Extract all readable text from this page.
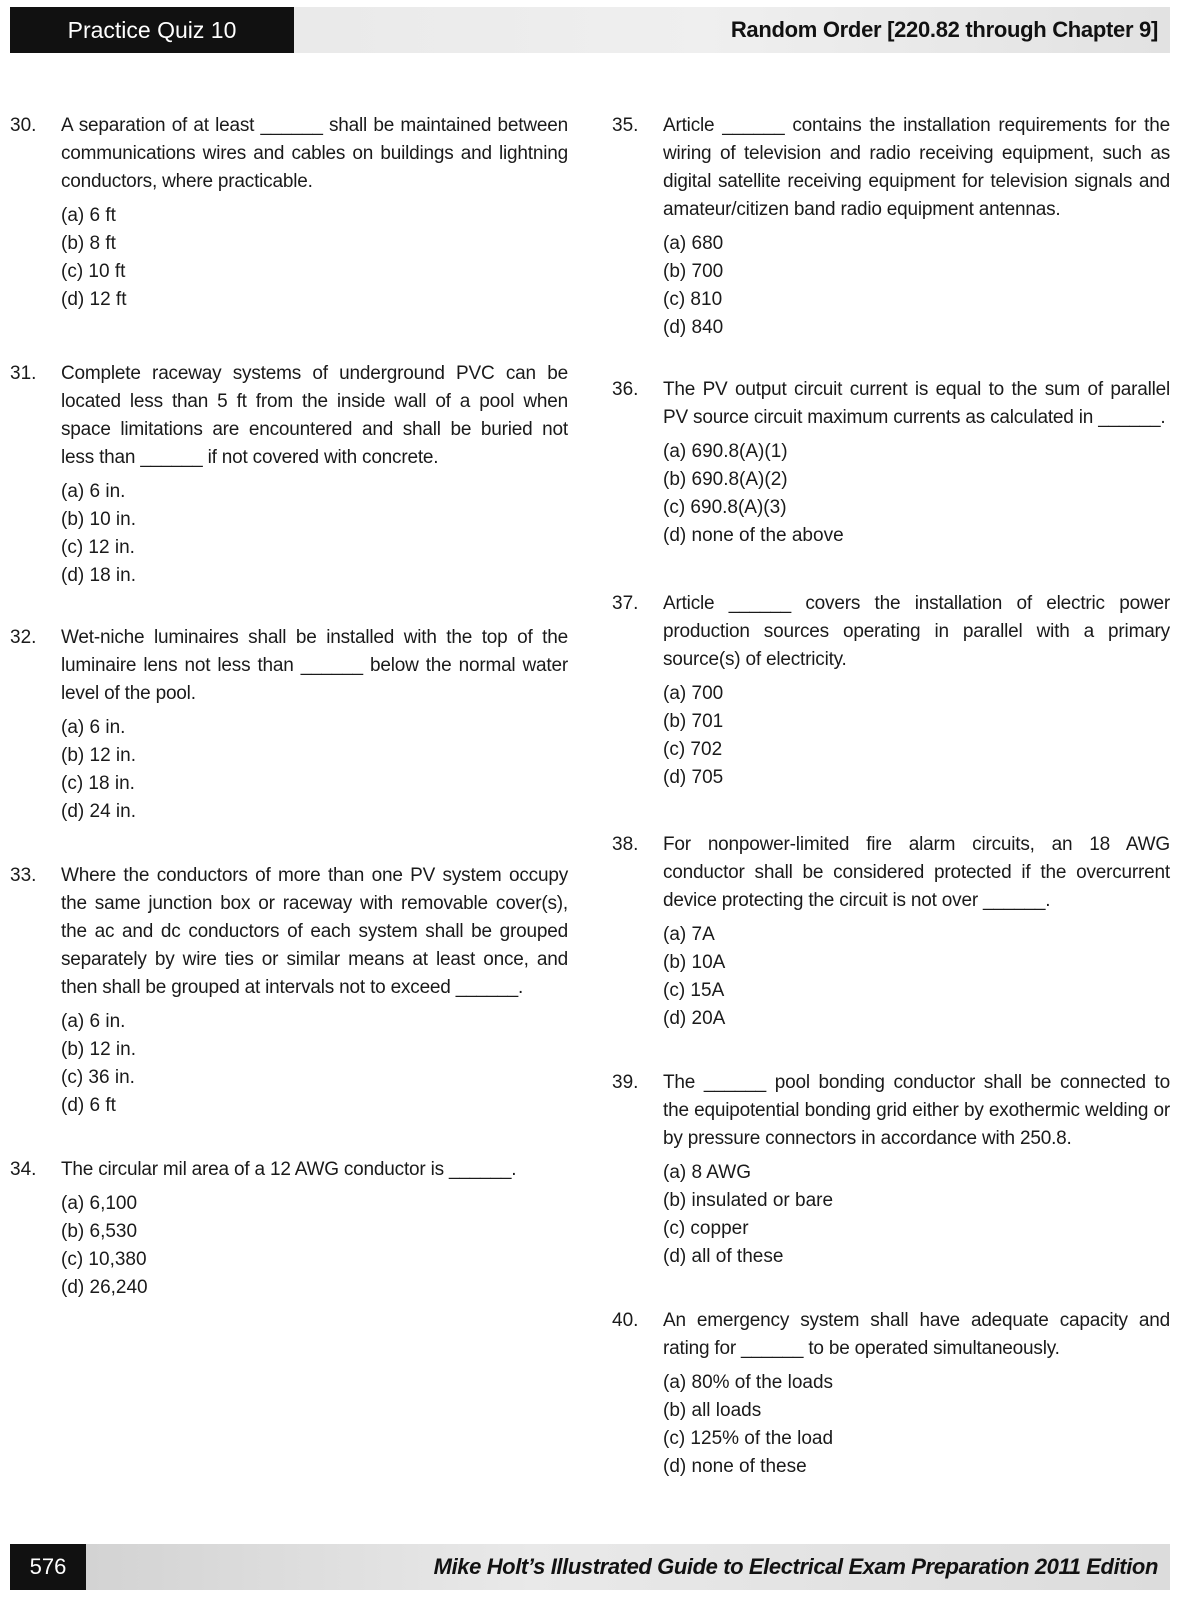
Practice Quiz 10	Random Order [220.82 through Chapter 9]
30. A separation of at least ______ shall be maintained between communications wires and cables on buildings and lightning conductors, where practicable.
(a) 6 ft
(b) 8 ft
(c) 10 ft
(d) 12 ft
31. Complete raceway systems of underground PVC can be located less than 5 ft from the inside wall of a pool when space limitations are encountered and shall be buried not less than ______ if not covered with concrete.
(a) 6 in.
(b) 10 in.
(c) 12 in.
(d) 18 in.
32. Wet-niche luminaires shall be installed with the top of the luminaire lens not less than ______ below the normal water level of the pool.
(a) 6 in.
(b) 12 in.
(c) 18 in.
(d) 24 in.
33. Where the conductors of more than one PV system occupy the same junction box or raceway with removable cover(s), the ac and dc conductors of each system shall be grouped separately by wire ties or similar means at least once, and then shall be grouped at intervals not to exceed ______.
(a) 6 in.
(b) 12 in.
(c) 36 in.
(d) 6 ft
34. The circular mil area of a 12 AWG conductor is ______.
(a) 6,100
(b) 6,530
(c) 10,380
(d) 26,240
35. Article ______ contains the installation requirements for the wiring of television and radio receiving equipment, such as digital satellite receiving equipment for television signals and amateur/citizen band radio equipment antennas.
(a) 680
(b) 700
(c) 810
(d) 840
36. The PV output circuit current is equal to the sum of parallel PV source circuit maximum currents as calculated in ______.
(a) 690.8(A)(1)
(b) 690.8(A)(2)
(c) 690.8(A)(3)
(d) none of the above
37. Article ______ covers the installation of electric power production sources operating in parallel with a primary source(s) of electricity.
(a) 700
(b) 701
(c) 702
(d) 705
38. For nonpower-limited fire alarm circuits, an 18 AWG conductor shall be considered protected if the overcurrent device protecting the circuit is not over ______.
(a) 7A
(b) 10A
(c) 15A
(d) 20A
39. The ______ pool bonding conductor shall be connected to the equipotential bonding grid either by exothermic welding or by pressure connectors in accordance with 250.8.
(a) 8 AWG
(b) insulated or bare
(c) copper
(d) all of these
40. An emergency system shall have adequate capacity and rating for ______ to be operated simultaneously.
(a) 80% of the loads
(b) all loads
(c) 125% of the load
(d) none of these
576	Mike Holt’s Illustrated Guide to Electrical Exam Preparation 2011 Edition
